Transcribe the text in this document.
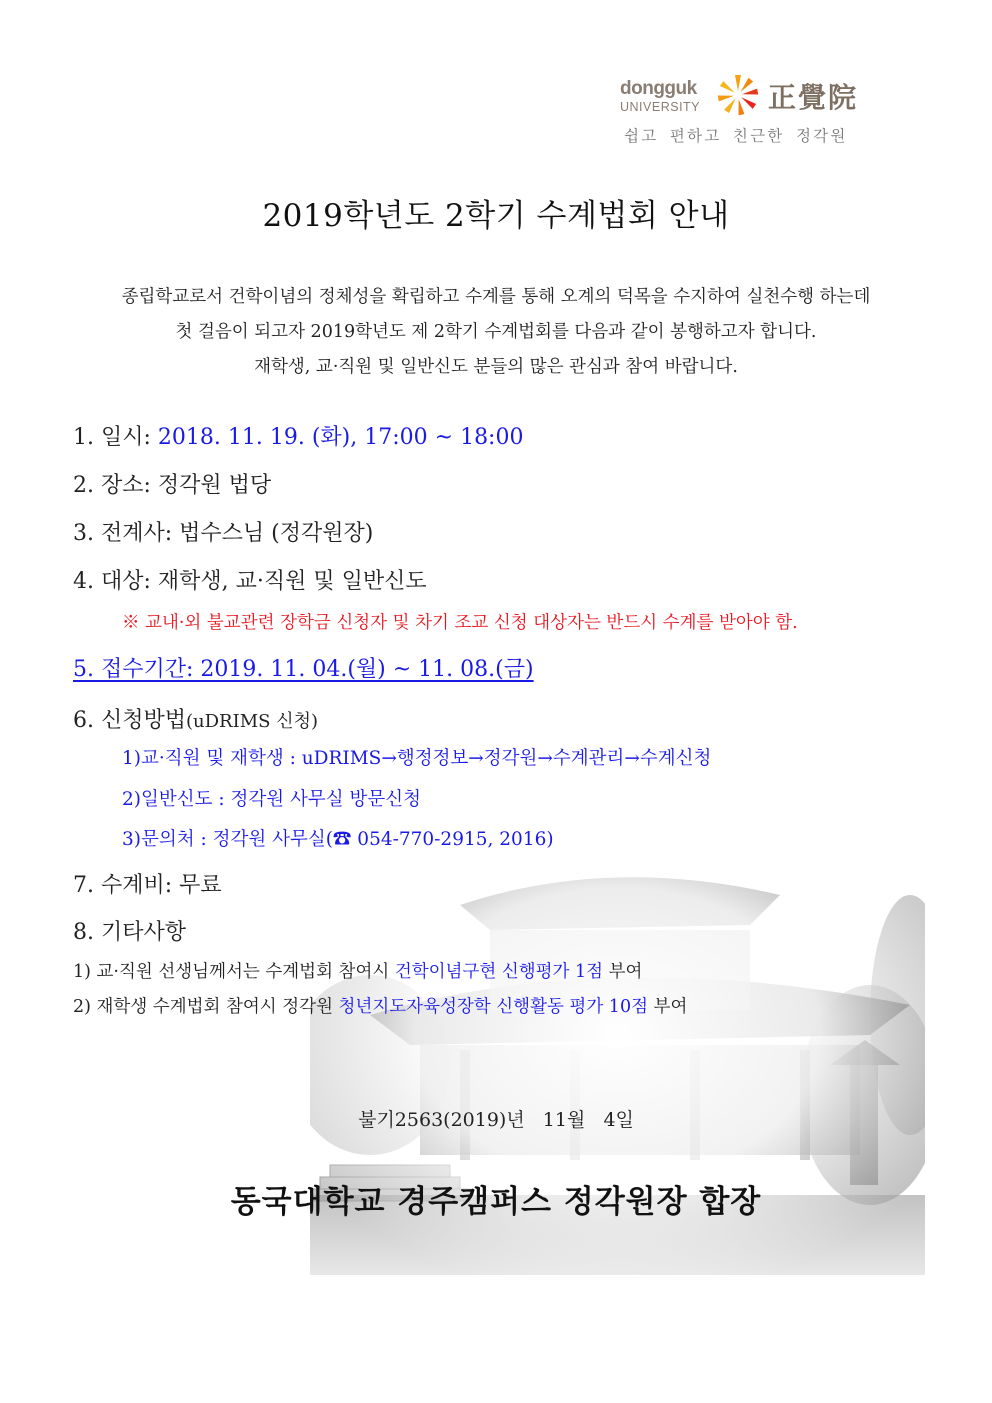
dongguk
UNIVERSITY 正覺院
쉽고 편하고 친근한 정각원
2019학년도 2학기 수계법회 안내
종립학교로서 건학이념의 정체성을 확립하고 수계를 통해 오계의 덕목을 수지하여 실천수행 하는데
첫 걸음이 되고자 2019학년도 제 2학기 수계법회를 다음과 같이 봉행하고자 합니다.
재학생, 교·직원 및 일반신도 분들의 많은 관심과 참여 바랍니다.
1. 일시: 2018. 11. 19. (화), 17:00 ~ 18:00
2. 장소: 정각원 법당
3. 전계사: 법수스님 (정각원장)
4. 대상: 재학생, 교·직원 및 일반신도
※ 교내·외 불교관련 장학금 신청자 및 차기 조교 신청 대상자는 반드시 수계를 받아야 함.
5. 접수기간: 2019. 11. 04.(월) ~ 11. 08.(금)
6. 신청방법(uDRIMS 신청)
1)교·직원 및 재학생 : uDRIMS→행정정보→정각원→수계관리→수계신청
2)일반신도 : 정각원 사무실 방문신청
3)문의처 : 정각원 사무실(☎ 054-770-2915, 2016)
7. 수계비: 무료
8. 기타사항
1) 교·직원 선생님께서는 수계법회 참여시 건학이념구현 신행평가 1점 부여
2) 재학생 수계법회 참여시 정각원 청년지도자육성장학 신행활동 평가 10점 부여
불기2563(2019)년   11월   4일
동국대학교 경주캠퍼스 정각원장 합장
